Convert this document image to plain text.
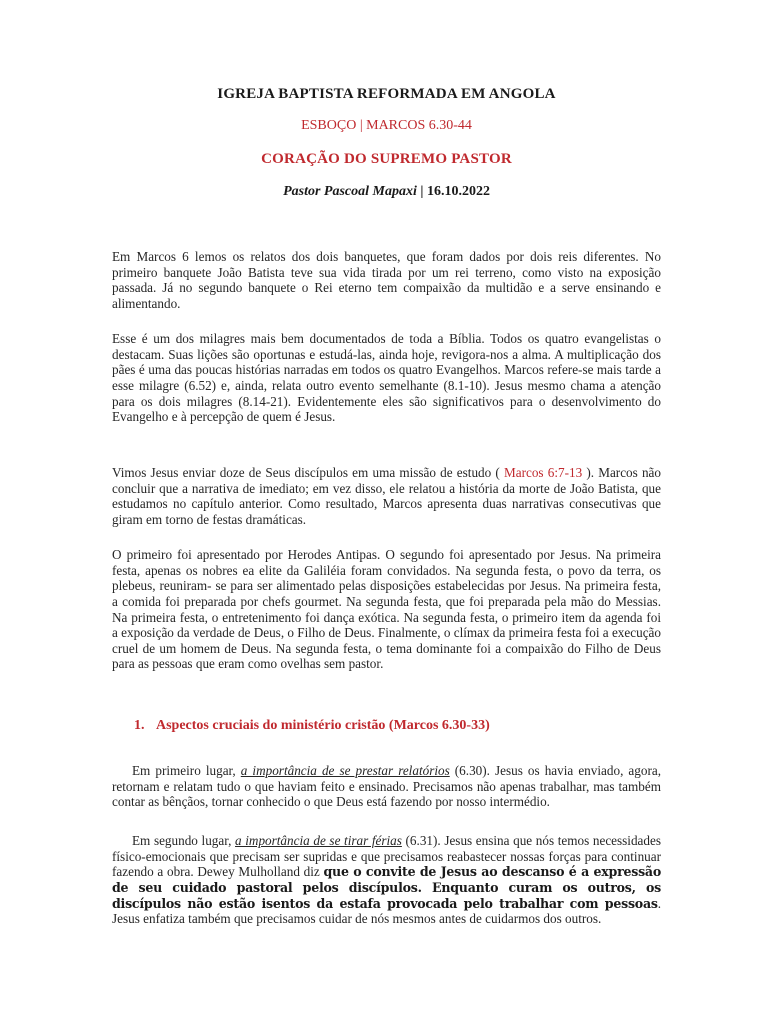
IGREJA BAPTISTA REFORMADA EM ANGOLA
ESBOÇO | MARCOS 6.30-44
CORAÇÃO DO SUPREMO PASTOR
Pastor Pascoal Mapaxi | 16.10.2022

Em Marcos 6 lemos os relatos dos dois banquetes, que foram dados por dois reis diferentes. No primeiro banquete João Batista teve sua vida tirada por um rei terreno, como visto na exposição passada. Já no segundo banquete o Rei eterno tem compaixão da multidão e a serve ensinando e alimentando.

Esse é um dos milagres mais bem documentados de toda a Bíblia. Todos os quatro evangelistas o destacam. Suas lições são oportunas e estudá-las, ainda hoje, revigora-nos a alma. A multiplicação dos pães é uma das poucas histórias narradas em todos os quatro Evangelhos. Marcos refere-se mais tarde a esse milagre (6.52) e, ainda, relata outro evento semelhante (8.1-10). Jesus mesmo chama a atenção para os dois milagres (8.14-21). Evidentemente eles são significativos para o desenvolvimento do Evangelho e à percepção de quem é Jesus.

Vimos Jesus enviar doze de Seus discípulos em uma missão de estudo ( Marcos 6:7-13 ). Marcos não concluir que a narrativa de imediato; em vez disso, ele relatou a história da morte de João Batista, que estudamos no capítulo anterior. Como resultado, Marcos apresenta duas narrativas consecutivas que giram em torno de festas dramáticas.

O primeiro foi apresentado por Herodes Antipas. O segundo foi apresentado por Jesus. Na primeira festa, apenas os nobres ea elite da Galiléia foram convidados. Na segunda festa, o povo da terra, os plebeus, reuniram- se para ser alimentado pelas disposições estabelecidas por Jesus. Na primeira festa, a comida foi preparada por chefs gourmet. Na segunda festa, que foi preparada pela mão do Messias. Na primeira festa, o entretenimento foi dança exótica. Na segunda festa, o primeiro item da agenda foi a exposição da verdade de Deus, o Filho de Deus. Finalmente, o clímax da primeira festa foi a execução cruel de um homem de Deus. Na segunda festa, o tema dominante foi a compaixão do Filho de Deus para as pessoas que eram como ovelhas sem pastor.

1. Aspectos cruciais do ministério cristão (Marcos 6.30-33)

Em primeiro lugar, a importância de se prestar relatórios (6.30). Jesus os havia enviado, agora, retornam e relatam tudo o que haviam feito e ensinado. Precisamos não apenas trabalhar, mas também contar as bênçãos, tornar conhecido o que Deus está fazendo por nosso intermédio.

Em segundo lugar, a importância de se tirar férias (6.31). Jesus ensina que nós temos necessidades físico-emocionais que precisam ser supridas e que precisamos reabastecer nossas forças para continuar fazendo a obra. Dewey Mulholland diz que o convite de Jesus ao descanso é a expressão de seu cuidado pastoral pelos discípulos. Enquanto curam os outros, os discípulos não estão isentos da estafa provocada pelo trabalhar com pessoas. Jesus enfatiza também que precisamos cuidar de nós mesmos antes de cuidarmos dos outros.
